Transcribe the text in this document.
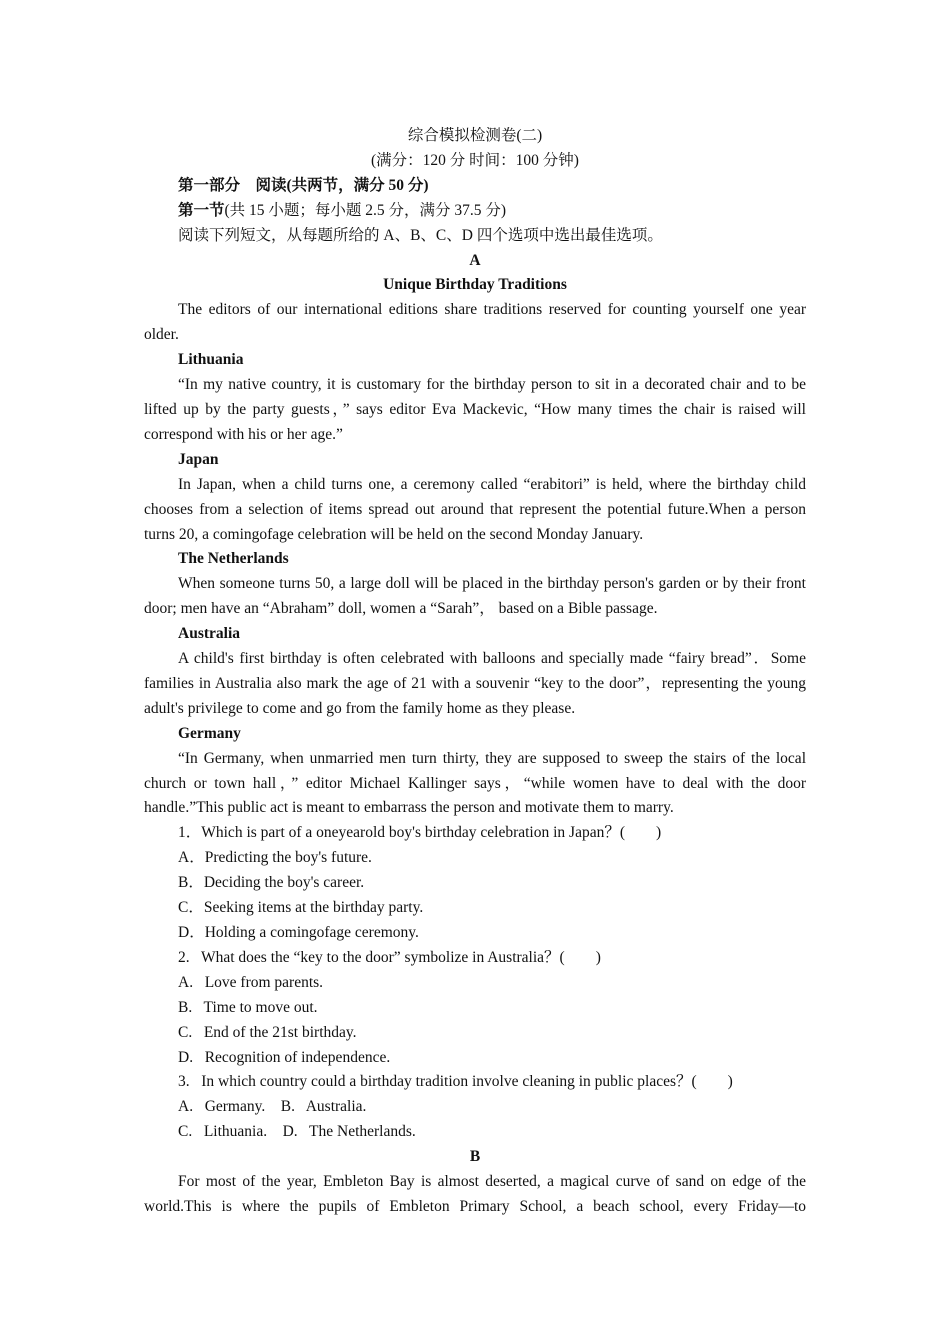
综合模拟检测卷(二)
(满分：120 分 时间：100 分钟)
第一部分    阅读(共两节，满分 50 分)
第一节(共 15 小题；每小题 2.5 分，满分 37.5 分)
阅读下列短文，从每题所给的 A、B、C、D 四个选项中选出最佳选项。
A
Unique Birthday Traditions

The editors of our international editions share traditions reserved for counting yourself one year older.

Lithuania

“In my native country, it is customary for the birthday person to sit in a decorated chair and to be lifted up by the party guests，” says editor Eva Mackevic, “How many times the chair is raised will correspond with his or her age.”

Japan

In Japan, when a child turns one, a ceremony called “erabitori” is held, where the birthday child chooses from a selection of items spread out around that represent the potential future.When a person turns 20, a comingofage celebration will be held on the second Monday January.

The Netherlands

When someone turns 50, a large doll will be placed in the birthday person's garden or by their front door; men have an “Abraham” doll, women a “Sarah”， based on a Bible passage.

Australia

A child's first birthday is often celebrated with balloons and specially made “fairy bread”．Some families in Australia also mark the age of 21 with a souvenir “key to the door”，representing the young adult's privilege to come and go from the family home as they please.

Germany

“In Germany, when unmarried men turn thirty, they are supposed to sweep the stairs of the local church or town hall，” editor Michael Kallinger says，“while women have to deal with the door handle.”This public act is meant to embarrass the person and motivate them to marry.

1．Which is part of a oneyearold boy's birthday celebration in Japan？(　　)
A．Predicting the boy's future.
B．Deciding the boy's career.
C．Seeking items at the birthday party.
D．Holding a comingofage ceremony.
2.   What does the “key to the door” symbolize in Australia？(　　)
A.   Love from parents.
B.   Time to move out.
C.   End of the 21st birthday.
D.   Recognition of independence.
3.   In which country could a birthday tradition involve cleaning in public places？(　　)
A.   Germany.    B.   Australia.
C.   Lithuania.    D.   The Netherlands.
B

For most of the year, Embleton Bay is almost deserted, a magical curve of sand on edge of the world.This is where the pupils of Embleton Primary School, a beach school, every Friday—to
